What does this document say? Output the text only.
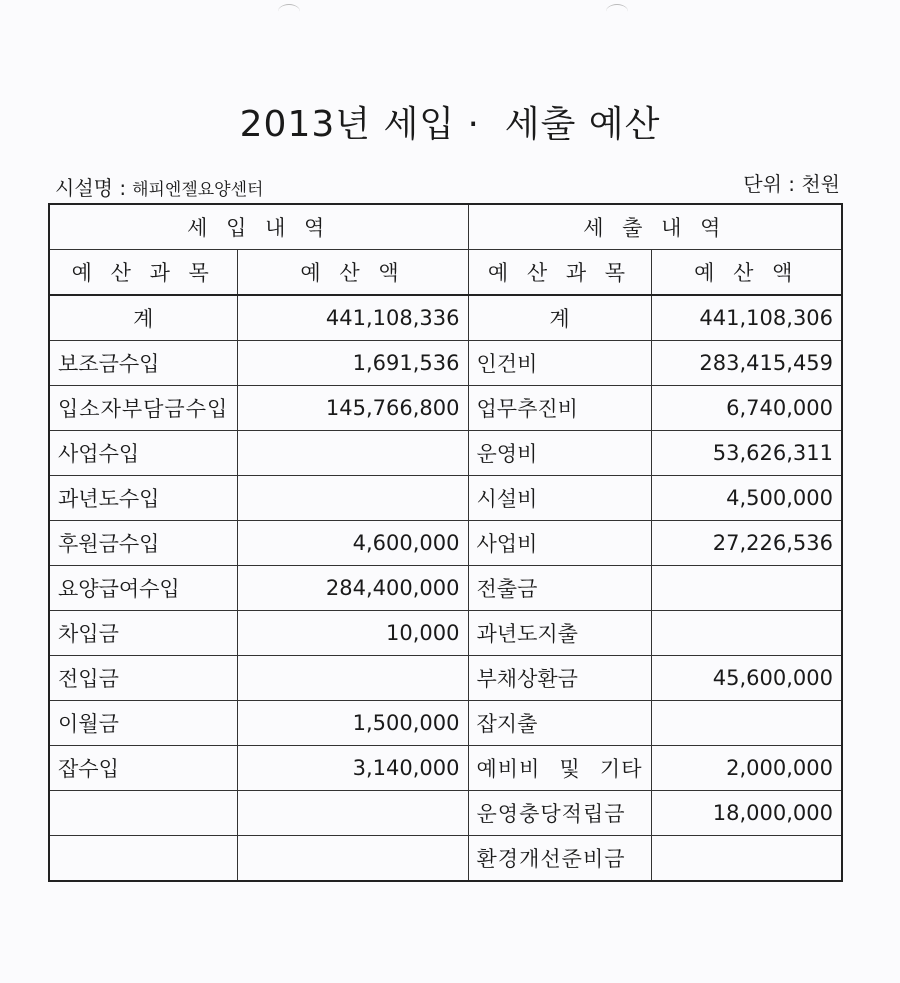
2013년 세입 ·  세출 예산
시설명 : 해피엔젤요양센터	단위 : 천원
세 입 내 역		세 출 내 역	
예 산 과 목	예 산 액	예 산 과 목	예 산 액
계	441,108,336	계	441,108,306
보조금수입	1,691,536	인건비	283,415,459
입소자부담금수입	145,766,800	업무추진비	6,740,000
사업수입		운영비	53,626,311
과년도수입		시설비	4,500,000
후원금수입	4,600,000	사업비	27,226,536
요양급여수입	284,400,000	전출금	
차입금	10,000	과년도지출	
전입금		부채상환금	45,600,000
이월금	1,500,000	잡지출	
잡수입	3,140,000	예비비 및 기타	2,000,000
		운영충당적립금	18,000,000
		환경개선준비금	
